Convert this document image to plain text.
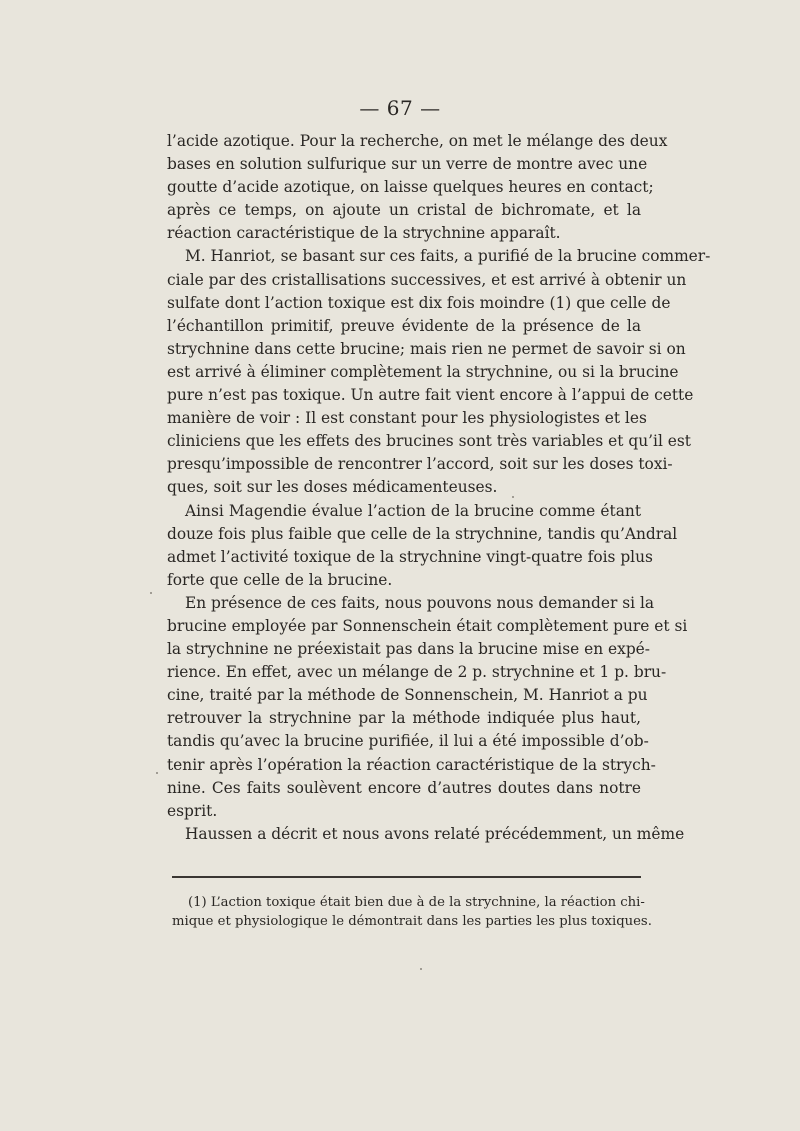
— 67 —
l’acide azotique. Pour la recherche, on met le mélange des deux
bases en solution sulfurique sur un verre de montre avec une
goutte d’acide azotique, on laisse quelques heures en contact;
après ce temps, on ajoute un cristal de bichromate, et la
réaction caractéristique de la strychnine apparaît.
M. Hanriot, se basant sur ces faits, a purifié de la brucine commer-
ciale par des cristallisations successives, et est arrivé à obtenir un
sulfate dont l’action toxique est dix fois moindre (1) que celle de
l’échantillon primitif, preuve évidente de la présence de la
strychnine dans cette brucine; mais rien ne permet de savoir si on
est arrivé à éliminer complètement la strychnine, ou si la brucine
pure n’est pas toxique. Un autre fait vient encore à l’appui de cette
manière de voir : Il est constant pour les physiologistes et les
cliniciens que les effets des brucines sont très variables et qu’il est
presqu’impossible de rencontrer l’accord, soit sur les doses toxi-
ques, soit sur les doses médicamenteuses.
Ainsi Magendie évalue l’action de la brucine comme étant
douze fois plus faible que celle de la strychnine, tandis qu’Andral
admet l’activité toxique de la strychnine vingt-quatre fois plus
forte que celle de la brucine.
En présence de ces faits, nous pouvons nous demander si la
brucine employée par Sonnenschein était complètement pure et si
la strychnine ne préexistait pas dans la brucine mise en expé-
rience. En effet, avec un mélange de 2 p. strychnine et 1 p. bru-
cine, traité par la méthode de Sonnenschein, M. Hanriot a pu
retrouver la strychnine par la méthode indiquée plus haut,
tandis qu’avec la brucine purifiée, il lui a été impossible d’ob-
tenir après l’opération la réaction caractéristique de la strych-
nine. Ces faits soulèvent encore d’autres doutes dans notre
esprit.
Haussen a décrit et nous avons relaté précédemment, un même
(1) L’action toxique était bien due à de la strychnine, la réaction chi-
mique et physiologique le démontrait dans les parties les plus toxiques.
